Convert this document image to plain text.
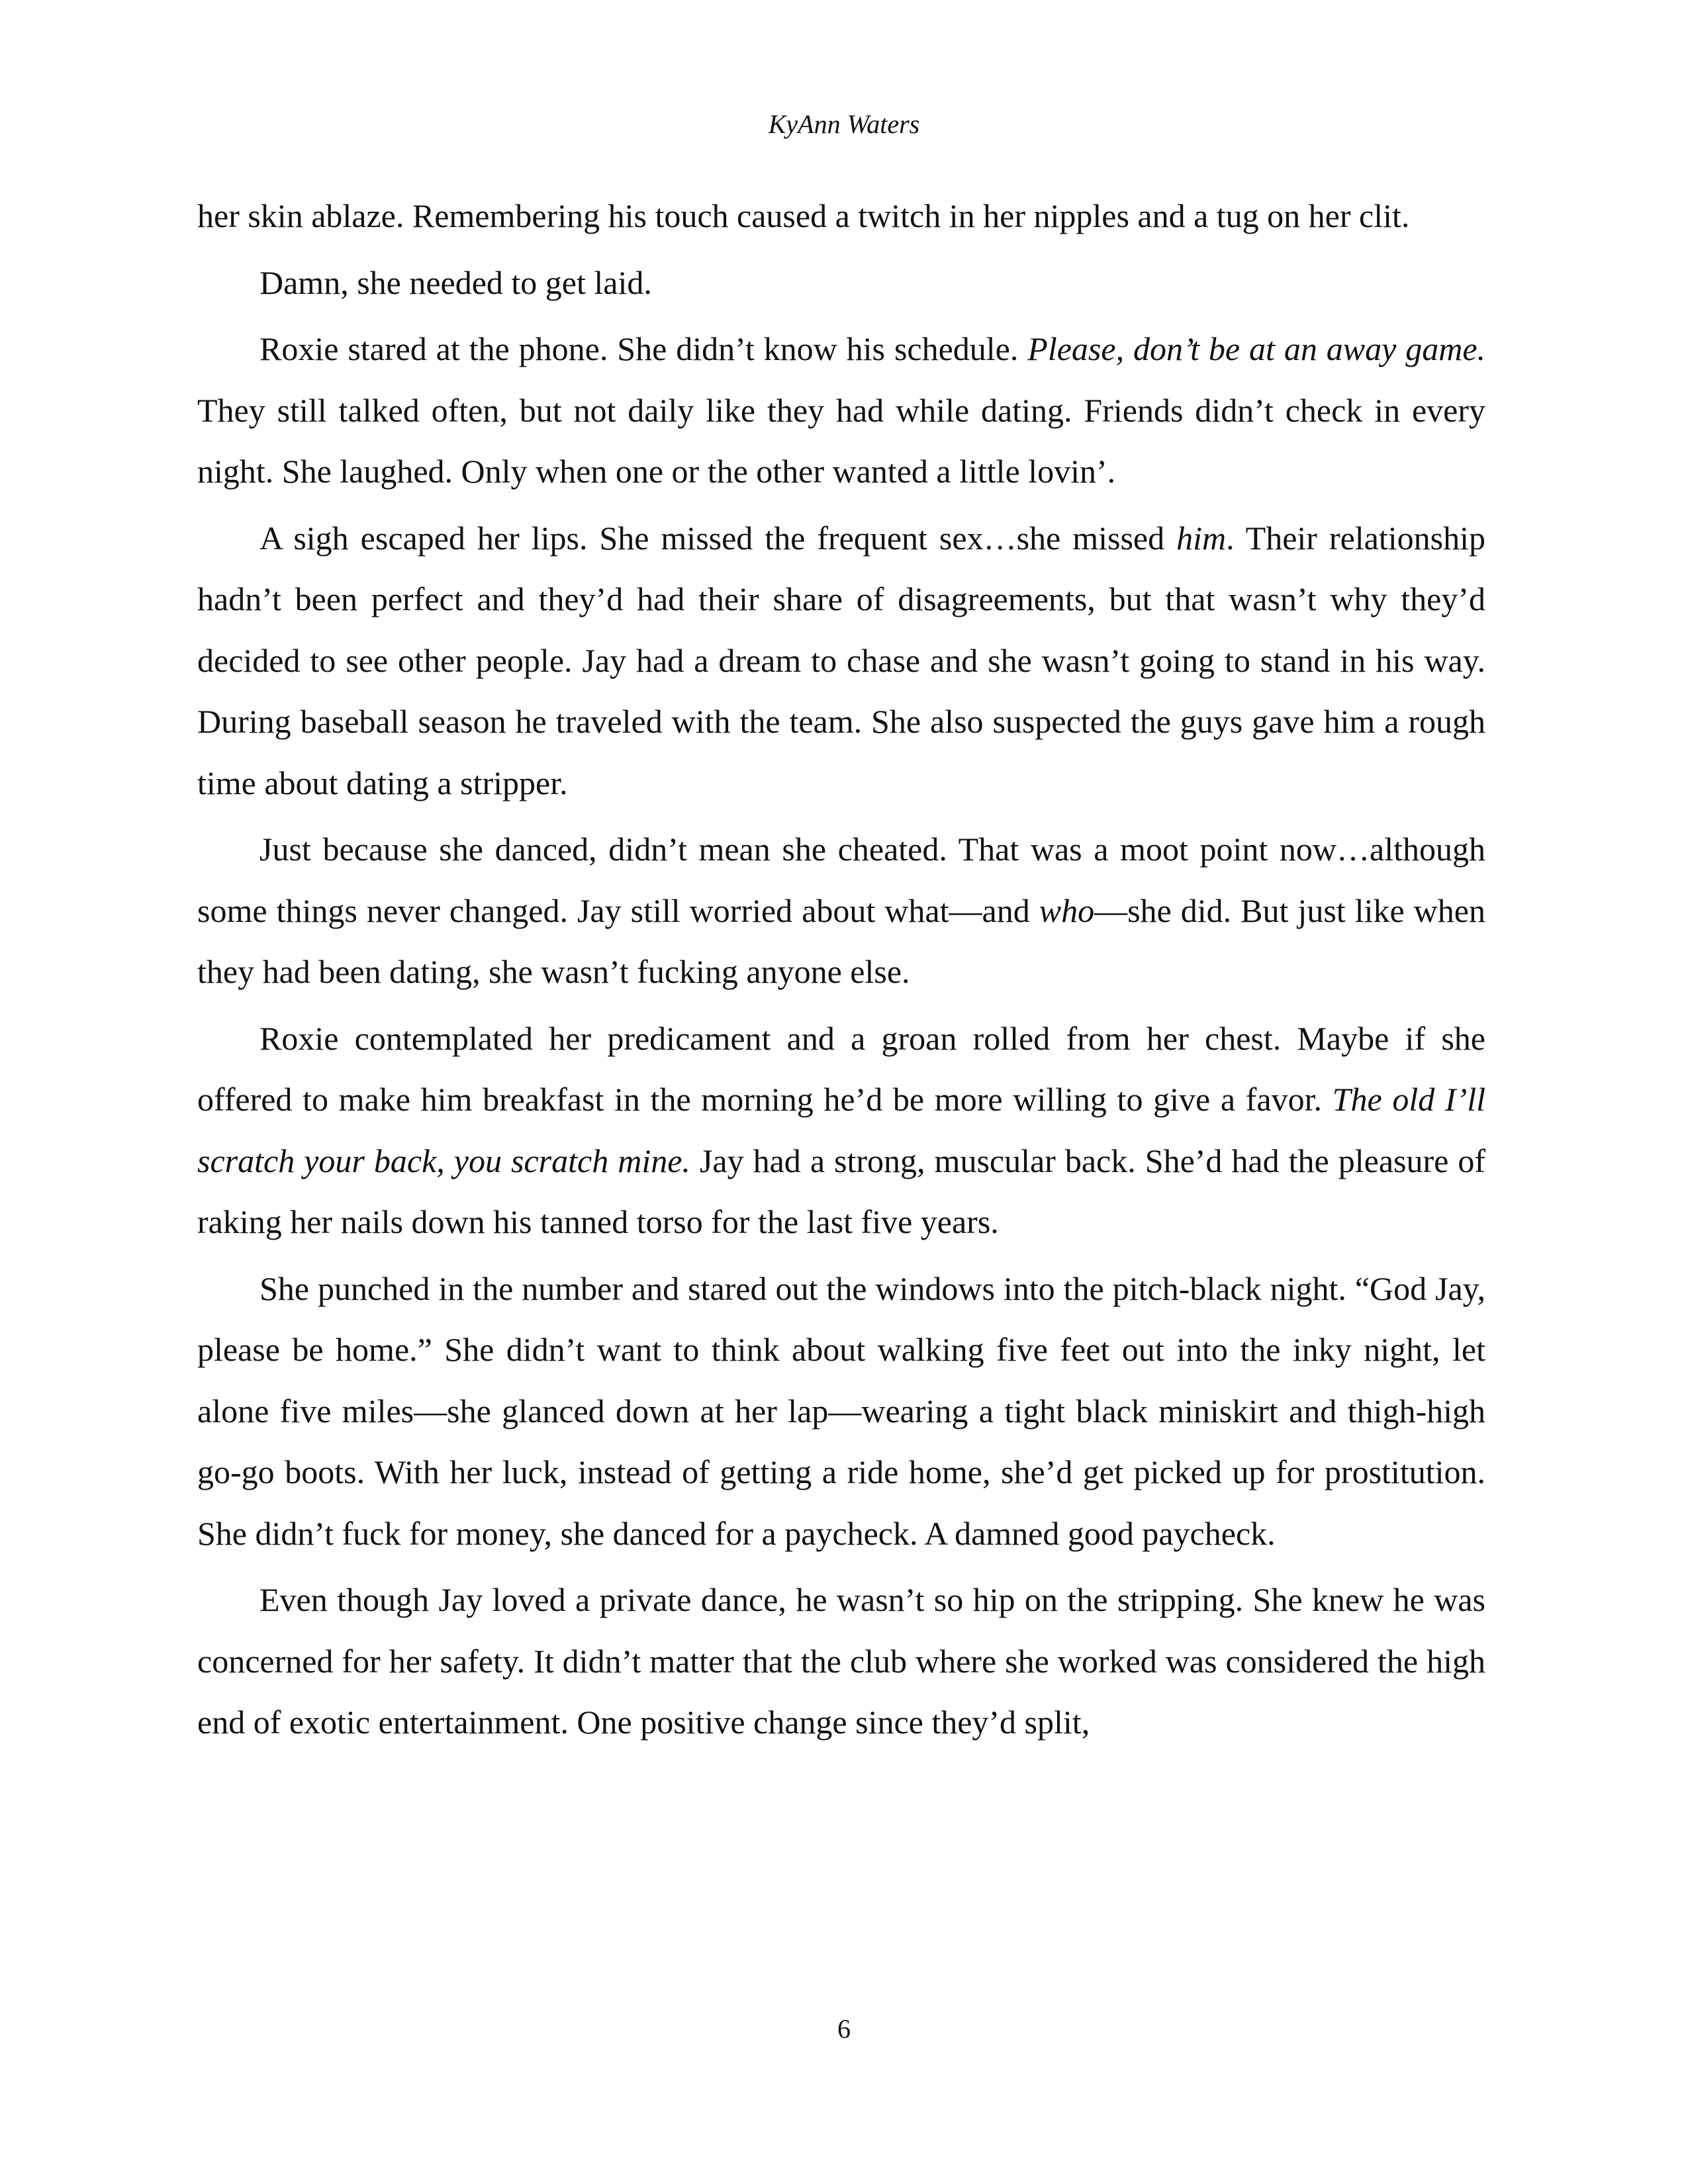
KyAnn Waters

her skin ablaze. Remembering his touch caused a twitch in her nipples and a tug on her clit.

Damn, she needed to get laid.

Roxie stared at the phone. She didn’t know his schedule. Please, don’t be at an away game. They still talked often, but not daily like they had while dating. Friends didn’t check in every night. She laughed. Only when one or the other wanted a little lovin’.

A sigh escaped her lips. She missed the frequent sex…she missed him. Their relationship hadn’t been perfect and they’d had their share of disagreements, but that wasn’t why they’d decided to see other people. Jay had a dream to chase and she wasn’t going to stand in his way. During baseball season he traveled with the team. She also suspected the guys gave him a rough time about dating a stripper.

Just because she danced, didn’t mean she cheated. That was a moot point now…although some things never changed. Jay still worried about what—and who—she did. But just like when they had been dating, she wasn’t fucking anyone else.

Roxie contemplated her predicament and a groan rolled from her chest. Maybe if she offered to make him breakfast in the morning he’d be more willing to give a favor. The old I’ll scratch your back, you scratch mine. Jay had a strong, muscular back. She’d had the pleasure of raking her nails down his tanned torso for the last five years.

She punched in the number and stared out the windows into the pitch-black night. “God Jay, please be home.” She didn’t want to think about walking five feet out into the inky night, let alone five miles—she glanced down at her lap—wearing a tight black miniskirt and thigh-high go-go boots. With her luck, instead of getting a ride home, she’d get picked up for prostitution. She didn’t fuck for money, she danced for a paycheck. A damned good paycheck.

Even though Jay loved a private dance, he wasn’t so hip on the stripping. She knew he was concerned for her safety. It didn’t matter that the club where she worked was considered the high end of exotic entertainment. One positive change since they’d split,

6
